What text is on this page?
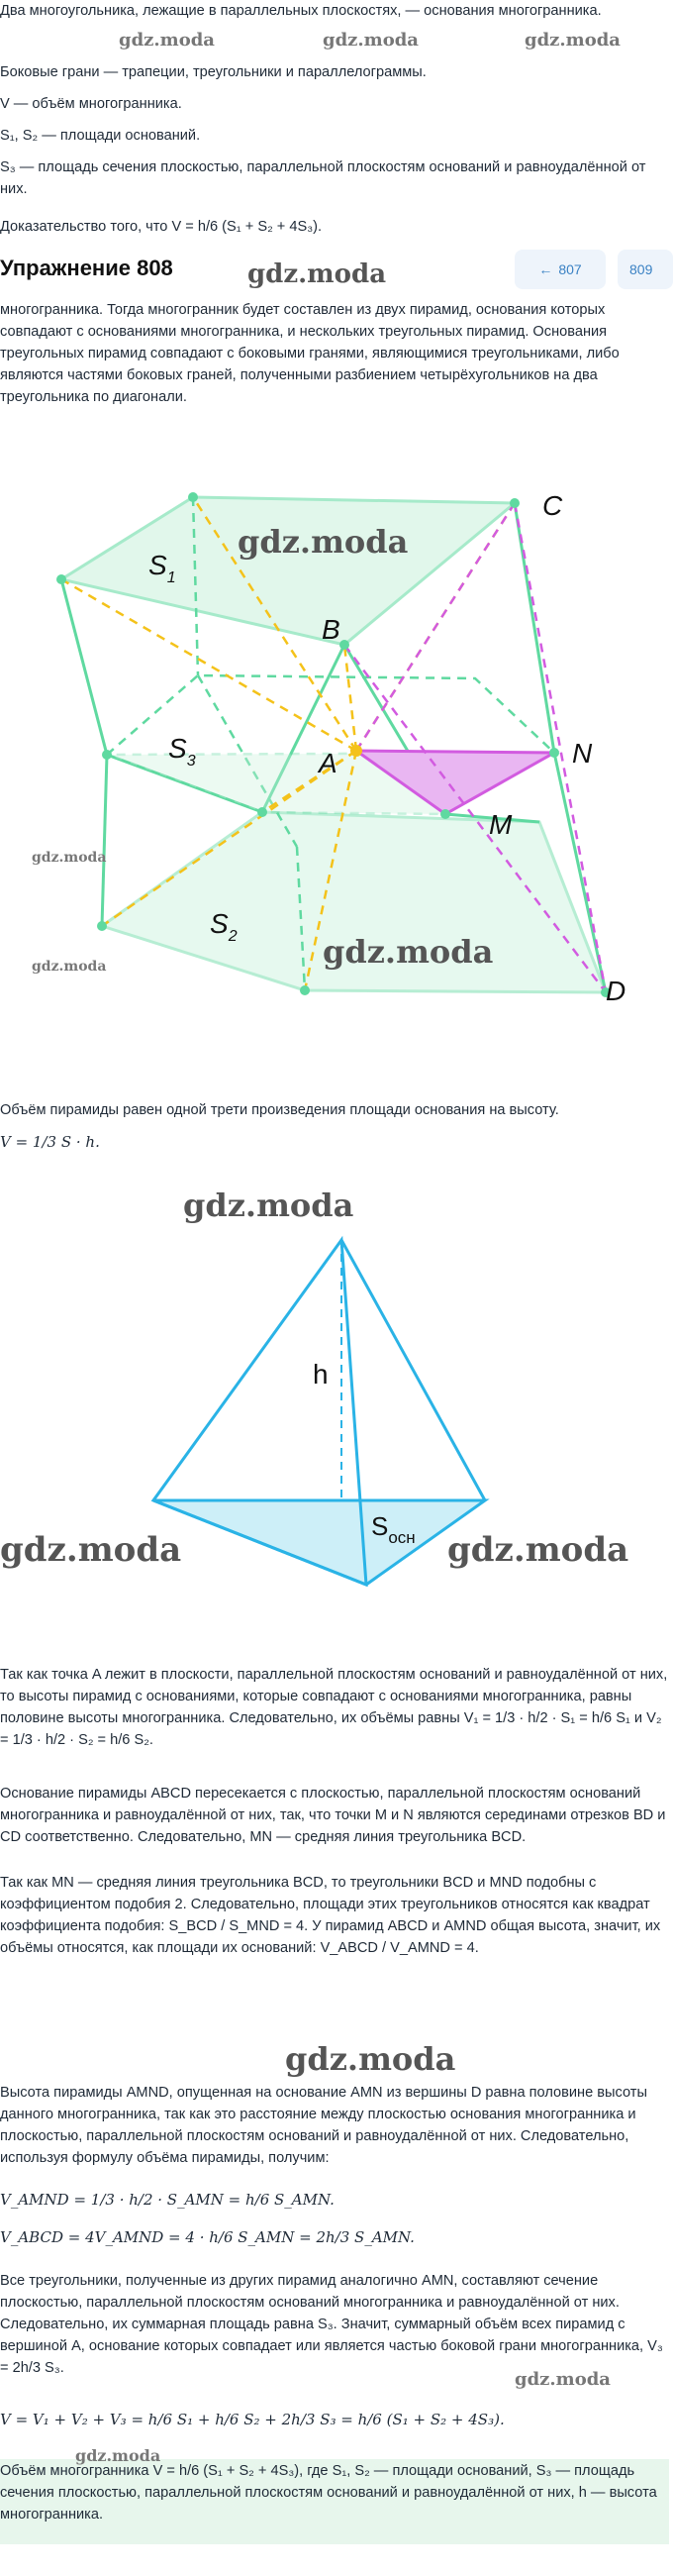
gdz.moda	gdz.moda	gdz.moda

Два многоугольника, лежащие в параллельных плоскостях, — основания многогранника.

Боковые грани — трапеции, треугольники и параллелограммы.

V — объём многогранника.

S₁, S₂ — площади оснований.

S₃ — площадь сечения плоскостью, параллельной плоскостям оснований и равноудалённой от них.

Доказательство того, что V = h/6 (S₁ + S₂ + 4S₃).

Упражнение 808	gdz.moda	← 807	809

многогранника. Тогда многогранник будет составлен из двух пирамид, основания которых совпадают с основаниями многогранника, и нескольких треугольных пирамид. Основания треугольных пирамид совпадают с боковыми гранями, являющимися треугольниками, либо являются частями боковых граней, полученными разбиением четырёхугольников на два треугольника по диагонали.

$S_1$
$S_3$
$S_2$
A
B
C
D
M
N
gdz.moda
gdz.moda
gdz.moda	gdz.moda

Объём пирамиды равен одной трети произведения площади основания на высоту.

V = 1/3 S · h.

gdz.moda
h
$S_{осн}$
gdz.moda	gdz.moda

Так как точка A лежит в плоскости, параллельной плоскостям оснований и равноудалённой от них, то высоты пирамид с основаниями, которые совпадают с основаниями многогранника, равны половине высоты многогранника. Следовательно, их объёмы равны V₁ = 1/3 · h/2 · S₁ = h/6 S₁ и V₂ = 1/3 · h/2 · S₂ = h/6 S₂.

Основание пирамиды ABCD пересекается с плоскостью, параллельной плоскостям оснований многогранника и равноудалённой от них, так, что точки M и N являются серединами отрезков BD и CD соответственно. Следовательно, MN — средняя линия треугольника BCD.

Так как MN — средняя линия треугольника BCD, то треугольники BCD и MND подобны с коэффициентом подобия 2. Следовательно, площади этих треугольников относятся как квадрат коэффициента подобия: S_BCD / S_MND = 4. У пирамид ABCD и AMND общая высота, значит, их объёмы относятся, как площади их оснований: V_ABCD / V_AMND = 4.

gdz.moda

Высота пирамиды AMND, опущенная на основание AMN из вершины D равна половине высоты данного многогранника, так как это расстояние между плоскостью основания многогранника и плоскостью, параллельной плоскостям оснований и равноудалённой от них. Следовательно, используя формулу объёма пирамиды, получим:

V_AMND = 1/3 · h/2 · S_AMN = h/6 S_AMN.

V_ABCD = 4V_AMND = 4 · h/6 S_AMN = 2h/3 S_AMN.

Все треугольники, полученные из других пирамид аналогично AMN, составляют сечение плоскостью, параллельной плоскостям оснований многогранника и равноудалённой от них. Следовательно, их суммарная площадь равна S₃. Значит, суммарный объём всех пирамид с вершиной A, основание которых совпадает или является частью боковой грани многогранника, V₃ = 2h/3 S₃.

gdz.moda

V = V₁ + V₂ + V₃ = h/6 S₁ + h/6 S₂ + 2h/3 S₃ = h/6 (S₁ + S₂ + 4S₃).

Объём многогранника V = h/6 (S₁ + S₂ + 4S₃), где S₁, S₂ — площади оснований, S₃ — площадь сечения плоскостью, параллельной плоскостям оснований и равноудалённой от них, h — высота многогранника.

gdz.moda
